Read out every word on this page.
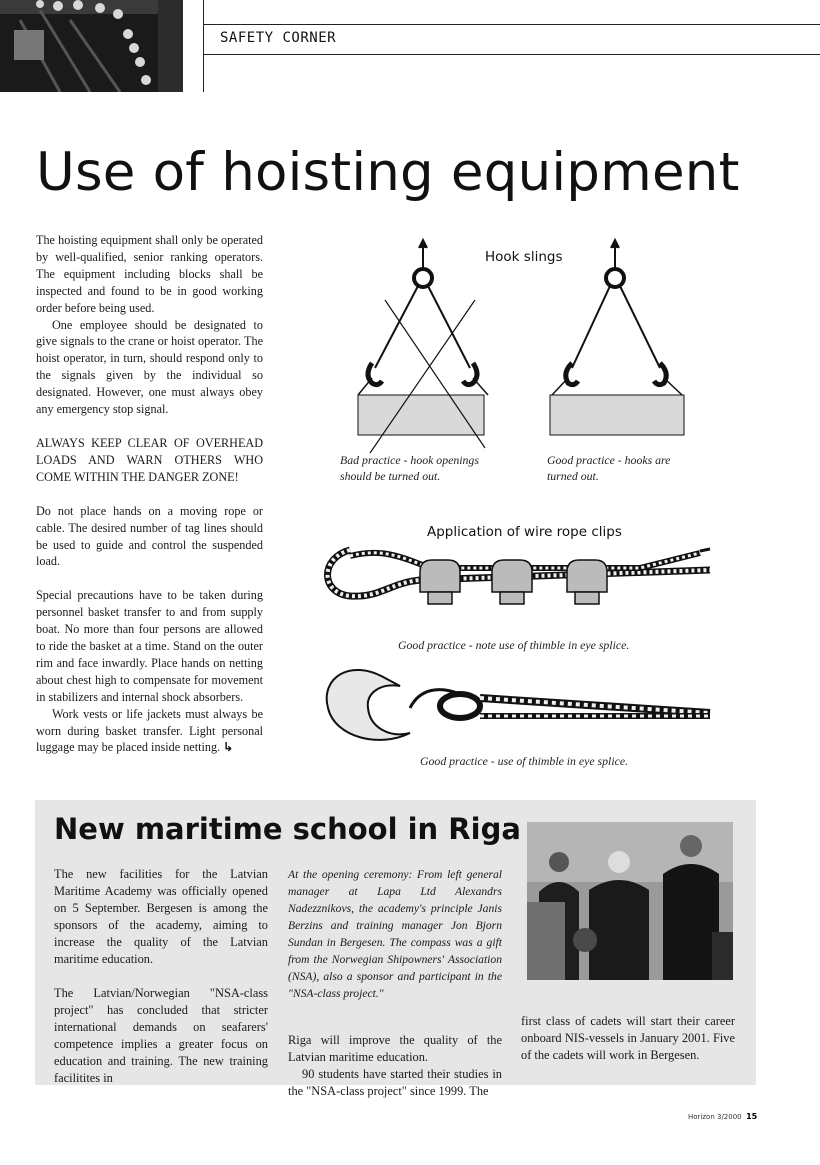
SAFETY CORNER
Use of hoisting equipment

The hoisting equipment shall only be operated by well-qualified, senior ranking operators. The equipment including blocks shall be inspected and found to be in good working order before being used.

One employee should be designated to give signals to the crane or hoist operator. The hoist operator, in turn, should respond only to the signals given by the individual so designated. However, one must always obey any emergency stop signal.

ALWAYS KEEP CLEAR OF OVERHEAD LOADS AND WARN OTHERS WHO COME WITHIN THE DANGER ZONE!

Do not place hands on a moving rope or cable. The desired number of tag lines should be used to guide and control the suspended load.

Special precautions have to be taken during personnel basket transfer to and from supply boat. No more than four persons are allowed to ride the basket at a time. Stand on the outer rim and face inwardly. Place hands on netting about chest high to compensate for movement in stabilizers and internal shock absorbers.

Work vests or life jackets must always be worn during basket transfer. Light personal luggage may be placed inside netting. ↳

Hook slings
Bad practice - hook openings should be turned out.
Good practice - hooks are turned out.
Application of wire rope clips
Good practice - note use of thimble in eye splice.
Good practice - use of thimble in eye splice.
New maritime school in Riga

The new facilities for the Latvian Maritime Academy was officially opened on 5 September. Bergesen is among the sponsors of the academy, aiming to increase the quality of the Latvian maritime education.

The Latvian/Norwegian "NSA-class project" has concluded that stricter international demands on seafarers' competence implies a greater focus on education and training. The new training facilitites in

At the opening ceremony: From left general manager at Lapa Ltd Alexandrs Nadezznikovs, the academy's principle Janis Berzins and training manager Jon Bjorn Sundan in Bergesen. The compass was a gift from the Norwegian Shipowners' Association (NSA), also a sponsor and participant in the "NSA-class project."

Riga will improve the quality of the Latvian maritime education.

90 students have started their studies in the "NSA-class project" since 1999. The

first class of cadets will start their career onboard NIS-vessels in January 2001. Five of the cadets will work in Bergesen.

Horizon 3/2000 15
